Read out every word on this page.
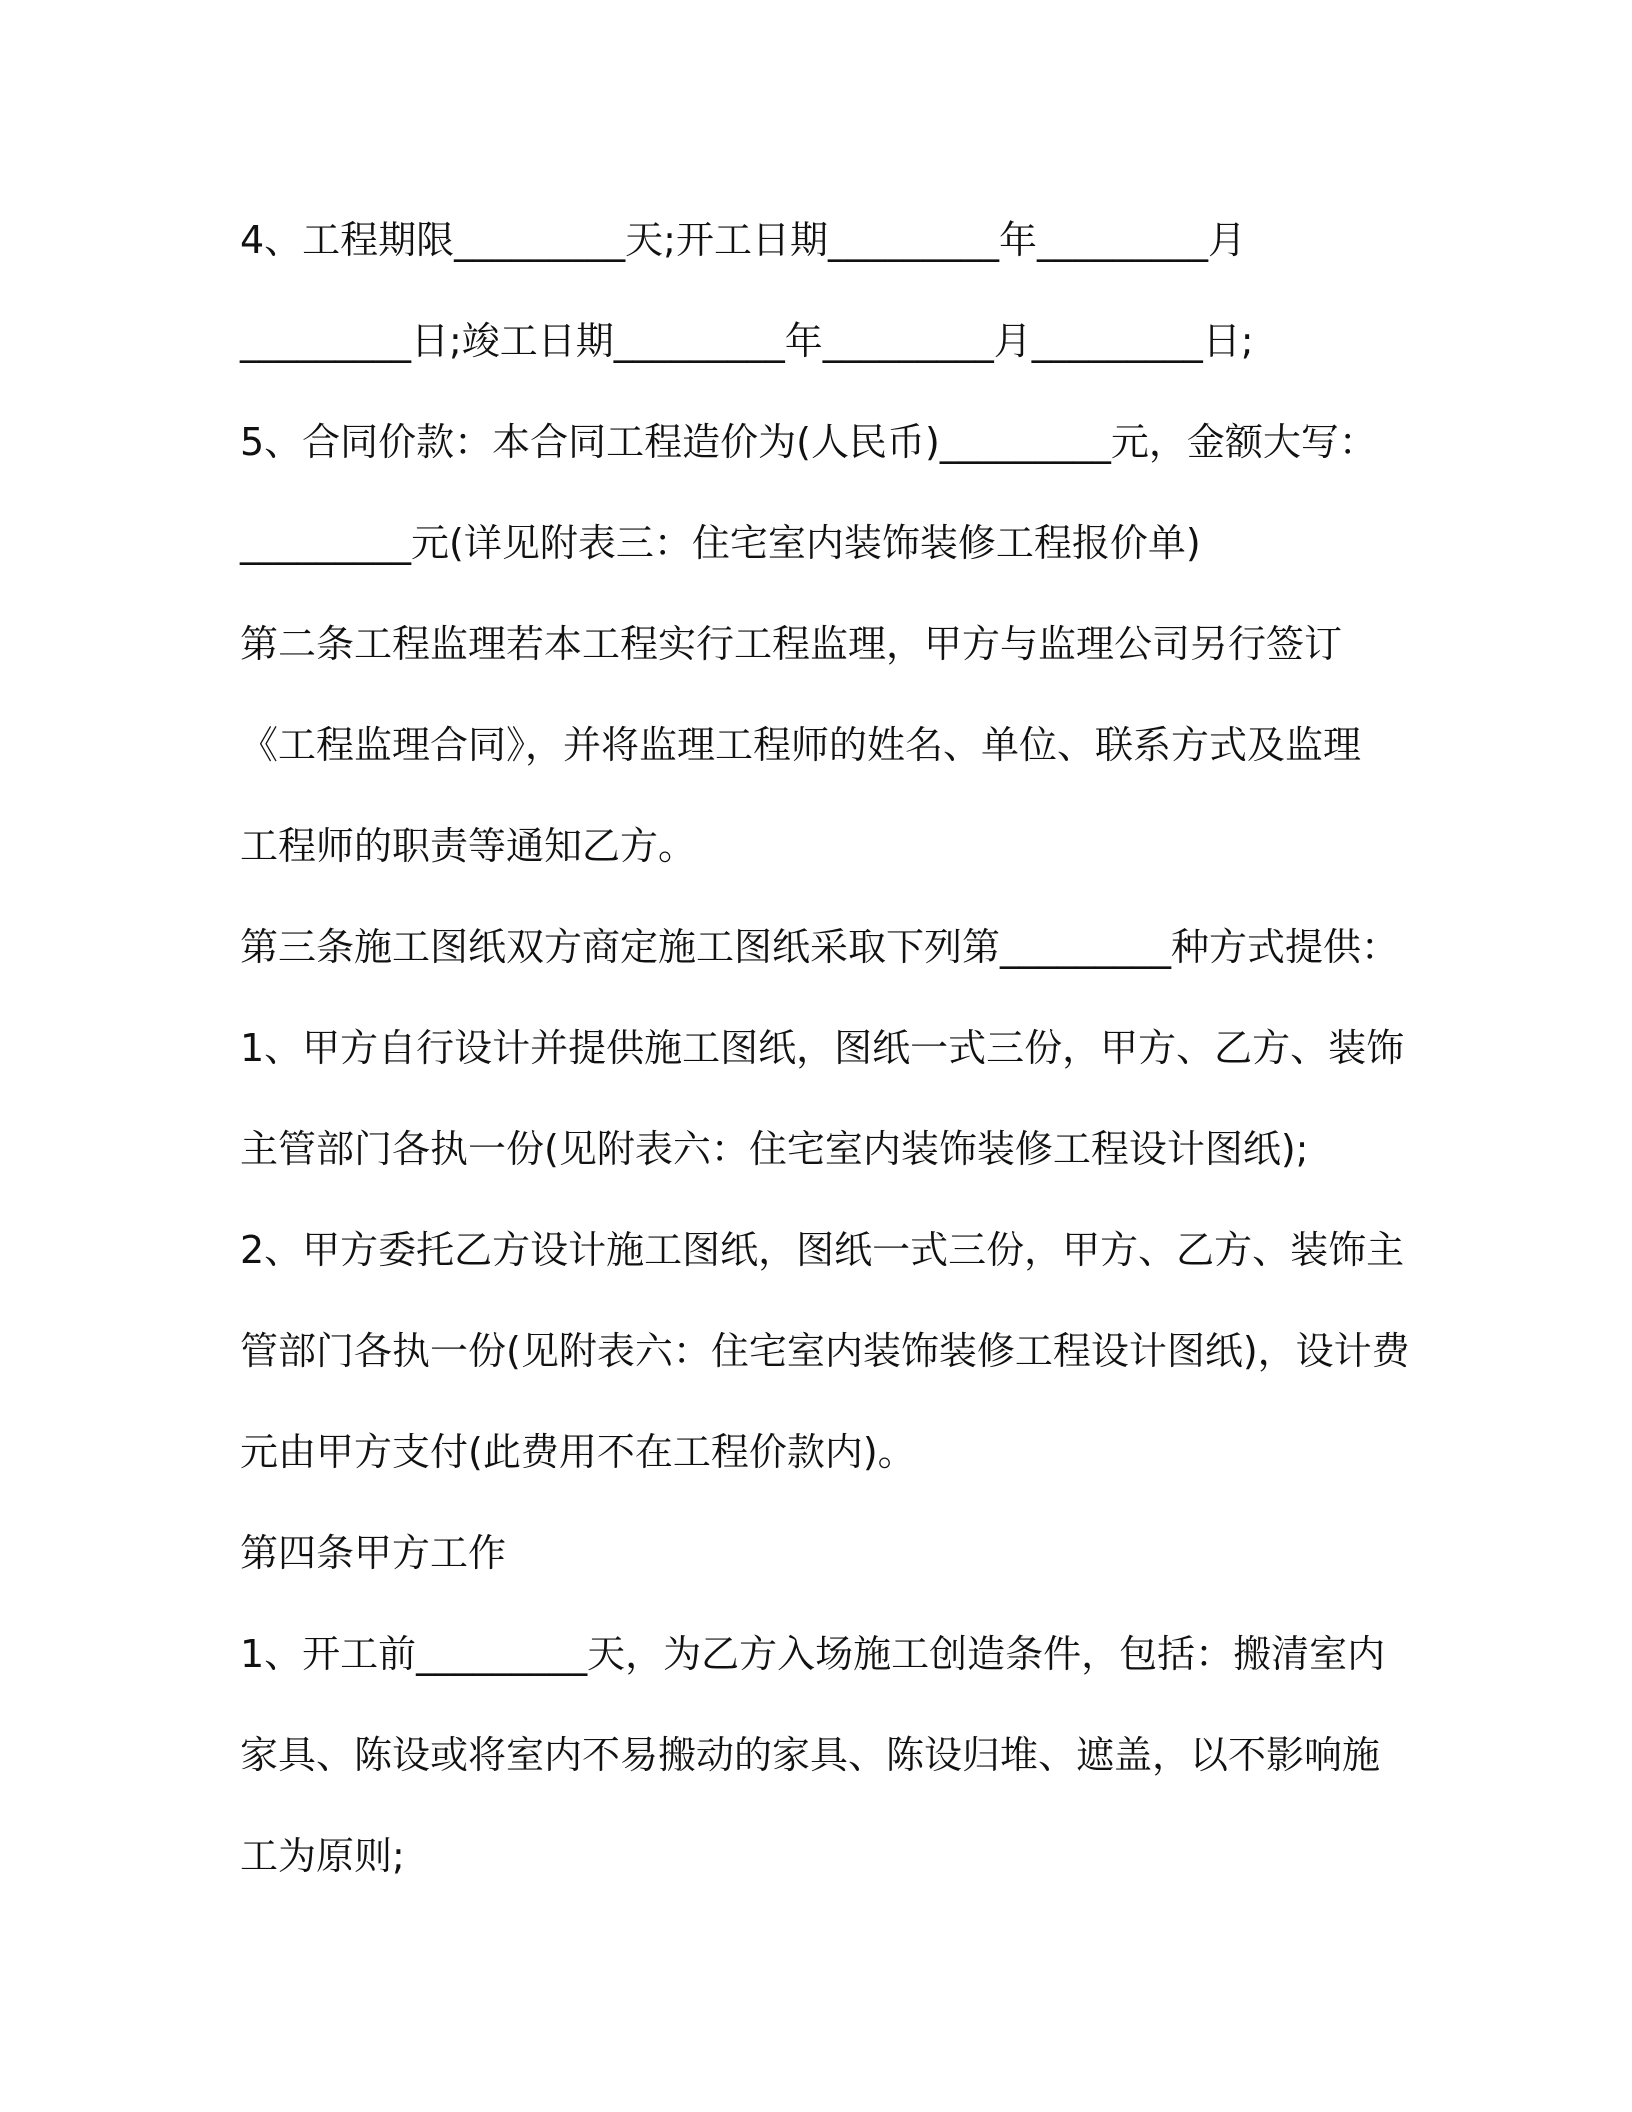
4、工程期限_________天;开工日期_________年_________月

_________日;竣工日期_________年_________月_________日;

5、合同价款：本合同工程造价为(人民币)_________元，金额大写：

_________元(详见附表三：住宅室内装饰装修工程报价单)

第二条工程监理若本工程实行工程监理，甲方与监理公司另行签订

《工程监理合同》，并将监理工程师的姓名、单位、联系方式及监理

工程师的职责等通知乙方。

第三条施工图纸双方商定施工图纸采取下列第_________种方式提供：

1、甲方自行设计并提供施工图纸，图纸一式三份，甲方、乙方、装饰

主管部门各执一份(见附表六：住宅室内装饰装修工程设计图纸);

2、甲方委托乙方设计施工图纸，图纸一式三份，甲方、乙方、装饰主

管部门各执一份(见附表六：住宅室内装饰装修工程设计图纸)，设计费

元由甲方支付(此费用不在工程价款内)。

第四条甲方工作

1、开工前_________天，为乙方入场施工创造条件，包括：搬清室内

家具、陈设或将室内不易搬动的家具、陈设归堆、遮盖，以不影响施

工为原则;
